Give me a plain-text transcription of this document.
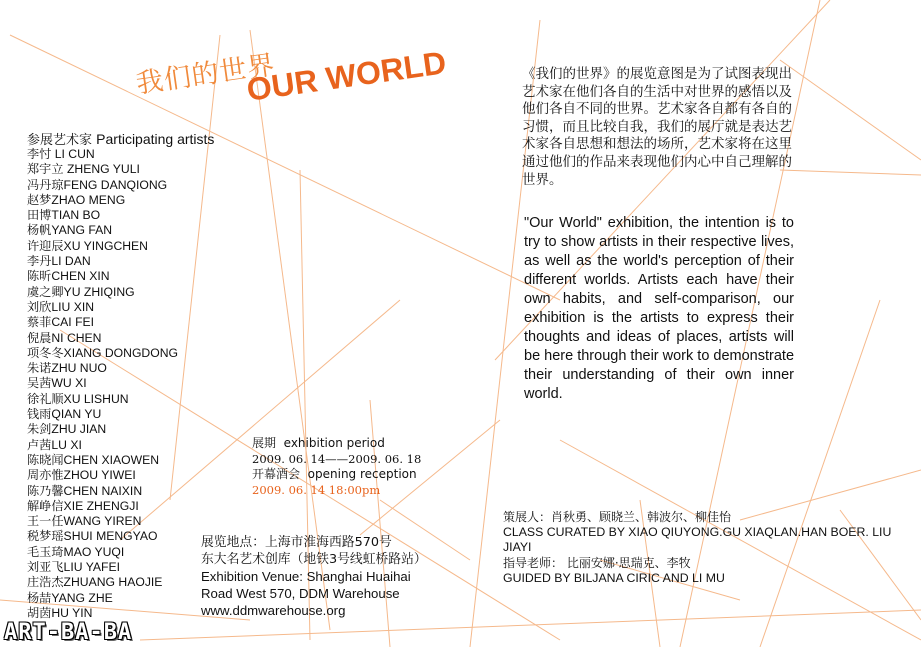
我们的世界
OUR WORLD
参展艺术家 Participating artists
李忖 LI CUN
郑宇立 ZHENG YULI
冯丹琼FENG DANQIONG
赵梦ZHAO MENG
田博TIAN BO
杨帆YANG FAN
许迎辰XU YINGCHEN
李丹LI DAN
陈昕CHEN XIN
虞之卿YU ZHIQING
刘欣LIU XIN
蔡菲CAI FEI
倪晨NI CHEN
项冬冬XIANG DONGDONG
朱诺ZHU NUO
吴茜WU XI
徐礼顺XU LISHUN
钱雨QIAN YU
朱剑ZHU JIAN
卢茜LU XI
陈晓闻CHEN XIAOWEN
周亦惟ZHOU YIWEI
陈乃馨CHEN NAIXIN
解峥信XIE ZHENGJI
王一任WANG YIREN
税梦瑶SHUI MENGYAO
毛玉琦MAO YUQI
刘亚飞LIU YAFEI
庄浩杰ZHUANG HAOJIE
杨喆YANG ZHE
胡茵HU YIN
《我们的世界》的展览意图是为了试图表现出艺术家在他们各自的生活中对世界的感悟以及他们各自不同的世界。艺术家各自都有各自的习惯，而且比较自我，我们的展厅就是表达艺术家各自思想和想法的场所，艺术家将在这里通过他们的作品来表现他们内心中自己理解的世界。
"Our World" exhibition, the intention is to try to show artists in their respective lives, as well as the world's perception of their different worlds. Artists each have their own habits, and self-comparison, our exhibition is the artists to express their thoughts and ideas of places, artists will be here through their work to demonstrate their understanding of their own inner world.
展期 exhibition period
2009. 06. 14——2009. 06. 18
开幕酒会 opening reception
2009. 06. 14 18:00pm
展览地点：上海市淮海西路570号
东大名艺术创库（地铁3号线虹桥路站）
Exhibition Venue: Shanghai Huaihai
Road West 570, DDM Warehouse
www.ddmwarehouse.org
策展人：肖秋勇、顾晓兰、韩波尔、柳佳怡
CLASS CURATED BY XIAO QIUYONG.GU XIAQLAN.HAN BOER. LIU JIAYI
指导老师： 比丽安娜·思瑞克、李牧
GUIDED BY BILJANA CIRIC AND LI MU
ART-BA-BA
